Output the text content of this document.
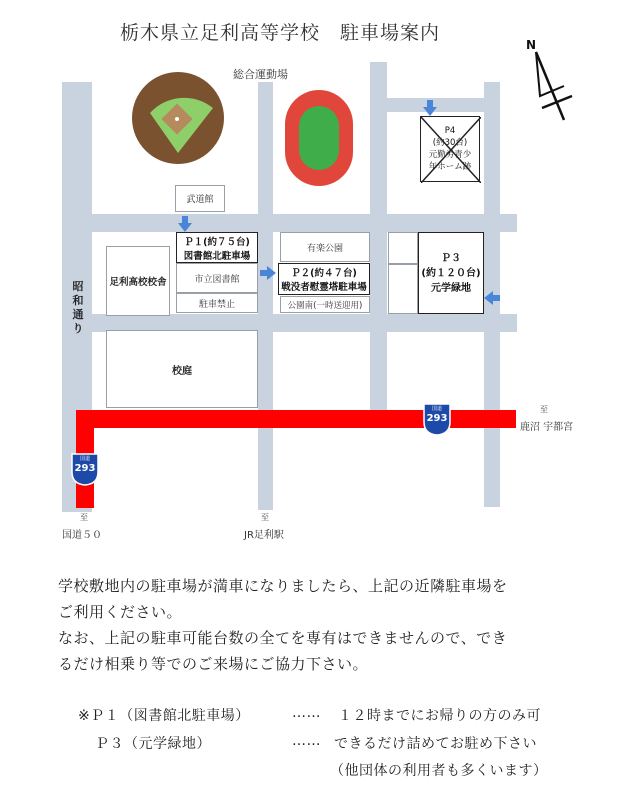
栃木県立足利高等学校　駐車場案内
総合運動場
武道館
Ｐ１(約７５台)
図書館北駐車場
市立図書館
駐車禁止
足利高校校舎
有楽公園
Ｐ２(約４７台)
戦没者慰霊塔駐車場
公園南(一時送迎用)
Ｐ３
(約１２０台)
元学緑地
P4
(約30台)
元勤労青少
年ホーム跡
校庭
昭
和
通
り
国道
293
国道
293
至
鹿沼 宇都宮
至
国道５０
至
JR足利駅
N
学校敷地内の駐車場が満車になりましたら、上記の近隣駐車場を
ご利用ください。
なお、上記の駐車可能台数の全てを専有はできませんので、でき
るだけ相乗り等でのご来場にご協力下さい。
※Ｐ１（図書館北駐車場）	…… １２時までにお帰りの方のみ可
Ｐ３（元学緑地）	…… できるだけ詰めてお駐め下さい
（他団体の利用者も多くいます）
